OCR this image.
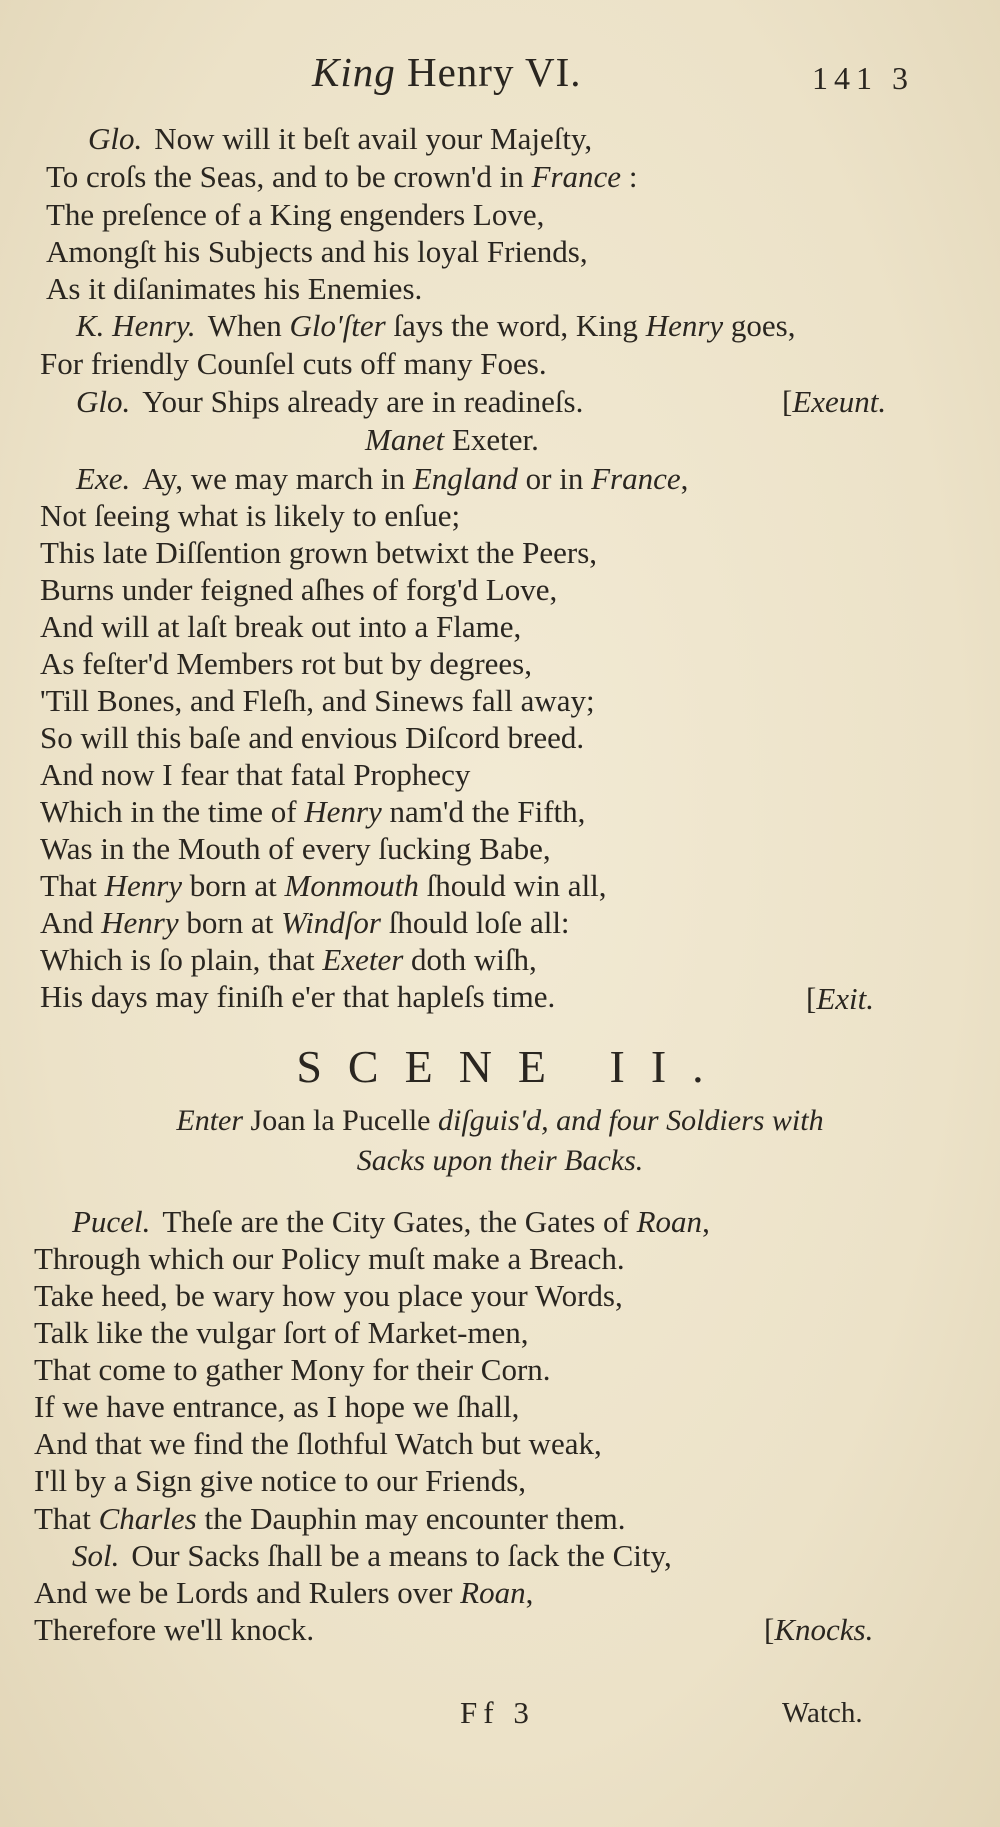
King Henry VI.	141 3
Glo. Now will it beſt avail your Majeſty,
To croſs the Seas, and to be crown'd in France :
The preſence of a King engenders Love,
Amongſt his Subjects and his loyal Friends,
As it diſanimates his Enemies.
K. Henry. When Glo'ſter ſays the word, King Henry goes,
For friendly Counſel cuts off many Foes.
Glo. Your Ships already are in readineſs.	[Exeunt.
Manet Exeter.
Exe. Ay, we may march in England or in France,
Not ſeeing what is likely to enſue;
This late Diſſention grown betwixt the Peers,
Burns under feigned aſhes of forg'd Love,
And will at laſt break out into a Flame,
As feſter'd Members rot but by degrees,
'Till Bones, and Fleſh, and Sinews fall away;
So will this baſe and envious Diſcord breed.
And now I fear that fatal Prophecy
Which in the time of Henry nam'd the Fifth,
Was in the Mouth of every ſucking Babe,
That Henry born at Monmouth ſhould win all,
And Henry born at Windſor ſhould loſe all:
Which is ſo plain, that Exeter doth wiſh,
His days may finiſh e'er that hapleſs time.	[Exit.
SCENE II.
Enter Joan la Pucelle diſguis'd, and four Soldiers with
Sacks upon their Backs.
Pucel. Theſe are the City Gates, the Gates of Roan,
Through which our Policy muſt make a Breach.
Take heed, be wary how you place your Words,
Talk like the vulgar ſort of Market-men,
That come to gather Mony for their Corn.
If we have entrance, as I hope we ſhall,
And that we find the ſlothful Watch but weak,
I'll by a Sign give notice to our Friends,
That Charles the Dauphin may encounter them.
Sol. Our Sacks ſhall be a means to ſack the City,
And we be Lords and Rulers over Roan,
Therefore we'll knock.	[Knocks.
Ff 3	Watch.
